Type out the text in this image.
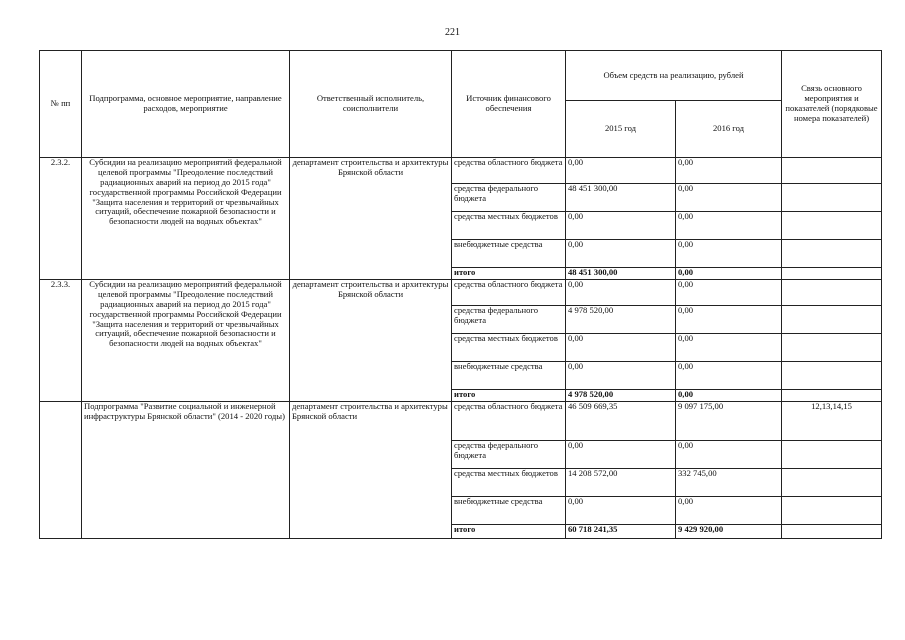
221
№ пп	Подпрограмма, основное мероприятие, направление расходов, мероприятие	Ответственный исполнитель, соисполнители	Источник финансового обеспечения	Объем средств на реализацию, рублей		Связь основного мероприятия и показателей (порядковые номера показателей)
				2015 год	2016 год	
2.3.2.	Субсидии на реализацию мероприятий федеральной целевой программы "Преодоление последствий радиационных аварий на период до 2015 года" государственной программы Российской Федерации "Защита населения и территорий от чрезвычайных ситуаций, обеспечение пожарной безопасности и безопасности людей на водных объектах"	департамент строительства и архитектуры Брянской области	средства областного бюджета	0,00	0,00	
			средства федерального бюджета	48 451 300,00	0,00	
			средства местных бюджетов	0,00	0,00	
			внебюджетные средства	0,00	0,00	
			итого	48 451 300,00	0,00	
2.3.3.	Субсидии на реализацию мероприятий федеральной целевой программы "Преодоление последствий радиационных аварий на период до 2015 года" государственной программы Российской Федерации "Защита населения и территорий от чрезвычайных ситуаций, обеспечение пожарной безопасности и безопасности людей на водных объектах"	департамент строительства и архитектуры Брянской области	средства областного бюджета	0,00	0,00	
			средства федерального бюджета	4 978 520,00	0,00	
			средства местных бюджетов	0,00	0,00	
			внебюджетные средства	0,00	0,00	
			итого	4 978 520,00	0,00	
	Подпрограмма "Развитие социальной и инженерной инфраструктуры Брянской области" (2014 - 2020 годы)	департамент строительства и архитектуры Брянской области	средства областного бюджета	46 509 669,35	9 097 175,00	12,13,14,15
			средства федерального бюджета	0,00	0,00	
			средства местных бюджетов	14 208 572,00	332 745,00	
			внебюджетные средства	0,00	0,00	
			итого	60 718 241,35	9 429 920,00	
